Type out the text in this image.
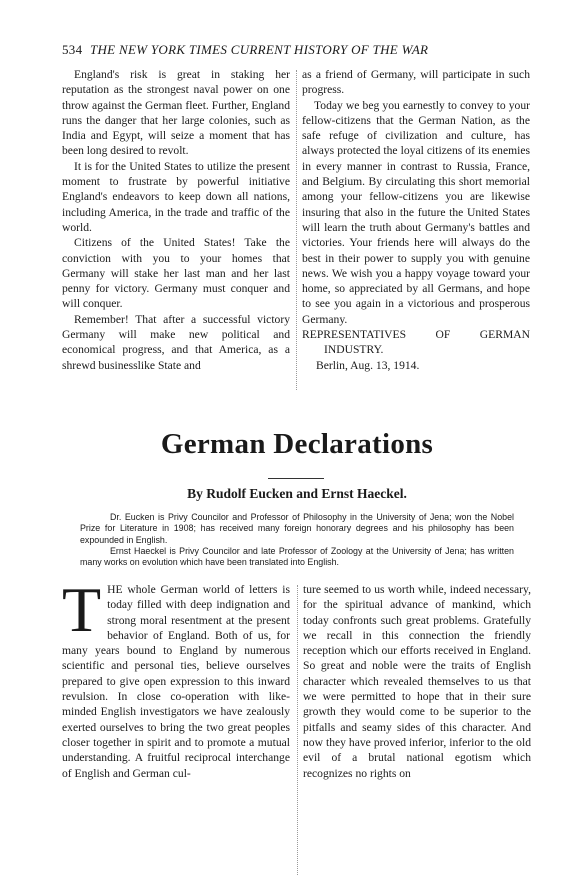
534 THE NEW YORK TIMES CURRENT HISTORY OF THE WAR

England's risk is great in staking her reputation as the strongest naval power on one throw against the German fleet. Further, England runs the danger that her large colonies, such as India and Egypt, will seize a moment that has been long desired to revolt.

It is for the United States to utilize the present moment to frustrate by powerful initiative England's endeavors to keep down all nations, including America, in the trade and traffic of the world.

Citizens of the United States! Take the conviction with you to your homes that Germany will stake her last man and her last penny for victory. Germany must conquer and will conquer.

Remember! That after a successful victory Germany will make new political and economical progress, and that America, as a shrewd businesslike State and

as a friend of Germany, will participate in such progress.

Today we beg you earnestly to convey to your fellow-citizens that the German Nation, as the safe refuge of civilization and culture, has always protected the loyal citizens of its enemies in every manner in contrast to Russia, France, and Belgium. By circulating this short memorial among your fellow-citizens you are likewise insuring that also in the future the United States will learn the truth about Germany's battles and victories. Your friends here will always do the best in their power to supply you with genuine news. We wish you a happy voyage toward your home, so appreciated by all Germans, and hope to see you again in a victorious and prosperous Germany.

REPRESENTATIVES	OF	GERMAN
INDUSTRY.
Berlin, Aug. 13, 1914.
German Declarations
By Rudolf Eucken and Ernst Haeckel.

Dr. Eucken is Privy Councilor and Professor of Philosophy in the University of Jena; won the Nobel Prize for Literature in 1908; has received many foreign honorary degrees and his philosophy has been expounded in English.

Ernst Haeckel is Privy Councilor and late Professor of Zoology at the University of Jena; has written many works on evolution which have been translated into English.

THE whole German world of letters is today filled with deep indignation and strong moral resentment at the present behavior of England. Both of us, for many years bound to England by numerous scientific and personal ties, believe ourselves prepared to give open expression to this inward revulsion. In close co-operation with like-minded English investigators we have zealously exerted ourselves to bring the two great peoples closer together in spirit and to promote a mutual understanding. A fruitful reciprocal interchange of English and German cul-

ture seemed to us worth while, indeed necessary, for the spiritual advance of mankind, which today confronts such great problems. Gratefully we recall in this connection the friendly reception which our efforts received in England. So great and noble were the traits of English character which revealed themselves to us that we were permitted to hope that in their sure growth they would come to be superior to the pitfalls and seamy sides of this character. And now they have proved inferior, inferior to the old evil of a brutal national egotism which recognizes no rights on
